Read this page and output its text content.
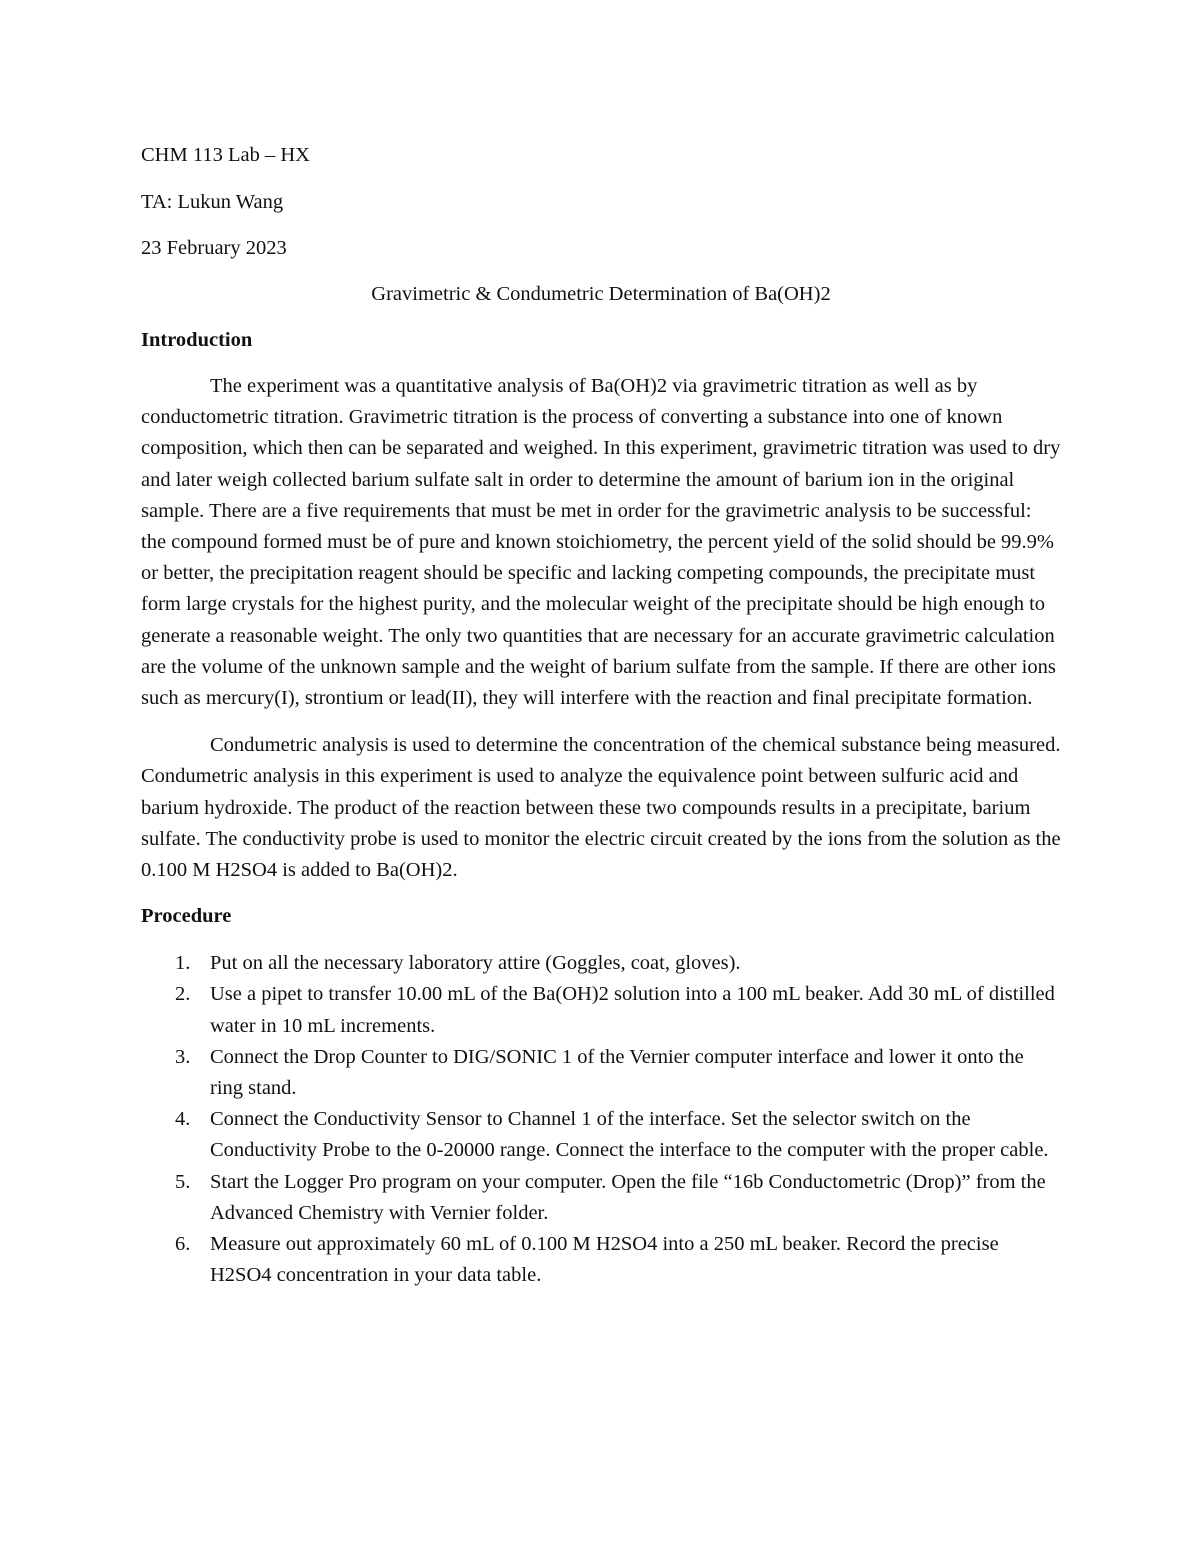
CHM 113 Lab – HX

TA: Lukun Wang

23 February 2023

Gravimetric & Condumetric Determination of Ba(OH)2

Introduction

The experiment was a quantitative analysis of Ba(OH)2 via gravimetric titration as well as by conductometric titration. Gravimetric titration is the process of converting a substance into one of known composition, which then can be separated and weighed. In this experiment, gravimetric titration was used to dry and later weigh collected barium sulfate salt in order to determine the amount of barium ion in the original sample. There are a five requirements that must be met in order for the gravimetric analysis to be successful: the compound formed must be of pure and known stoichiometry, the percent yield of the solid should be 99.9% or better, the precipitation reagent should be specific and lacking competing compounds, the precipitate must form large crystals for the highest purity, and the molecular weight of the precipitate should be high enough to generate a reasonable weight. The only two quantities that are necessary for an accurate gravimetric calculation are the volume of the unknown sample and the weight of barium sulfate from the sample. If there are other ions such as mercury(I), strontium or lead(II), they will interfere with the reaction and final precipitate formation.

Condumetric analysis is used to determine the concentration of the chemical substance being measured. Condumetric analysis in this experiment is used to analyze the equivalence point between sulfuric acid and barium hydroxide. The product of the reaction between these two compounds results in a precipitate, barium sulfate. The conductivity probe is used to monitor the electric circuit created by the ions from the solution as the 0.100 M H2SO4 is added to Ba(OH)2.

Procedure

1. Put on all the necessary laboratory attire (Goggles, coat, gloves).
2. Use a pipet to transfer 10.00 mL of the Ba(OH)2 solution into a 100 mL beaker. Add 30 mL of distilled water in 10 mL increments.
3. Connect the Drop Counter to DIG/SONIC 1 of the Vernier computer interface and lower it onto the ring stand.
4. Connect the Conductivity Sensor to Channel 1 of the interface. Set the selector switch on the Conductivity Probe to the 0-20000 range. Connect the interface to the computer with the proper cable.
5. Start the Logger Pro program on your computer. Open the file “16b Conductometric (Drop)” from the Advanced Chemistry with Vernier folder.
6. Measure out approximately 60 mL of 0.100 M H2SO4 into a 250 mL beaker. Record the precise H2SO4 concentration in your data table.
